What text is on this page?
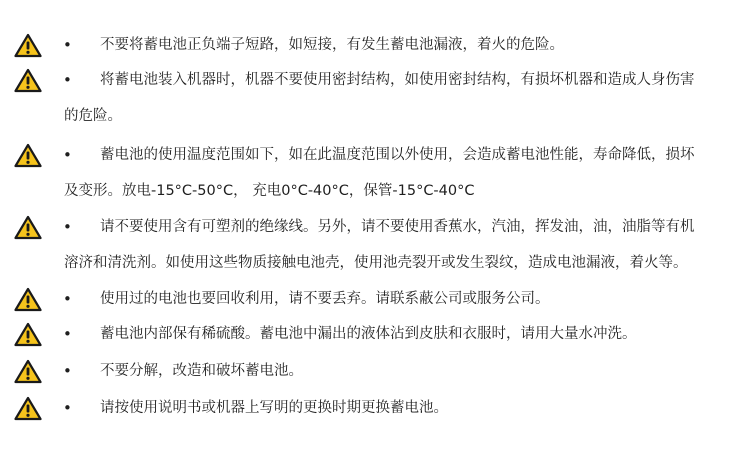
• 不要将蓄电池正负端子短路，如短接，有发生蓄电池漏液，着火的危险。
• 将蓄电池装入机器时，机器不要使用密封结构，如使用密封结构，有损坏机器和造成人身伤害
的危险。
• 蓄电池的使用温度范围如下，如在此温度范围以外使用，会造成蓄电池性能，寿命降低，损坏
及变形。放电-15°C-50°C， 充电0°C-40°C，保管-15°C-40°C
• 请不要使用含有可塑剂的绝缘线。另外，请不要使用香蕉水，汽油，挥发油，油，油脂等有机
溶济和清洗剂。如使用这些物质接触电池壳，使用池壳裂开或发生裂纹，造成电池漏液，着火等。
• 使用过的电池也要回收利用，请不要丢弃。请联系蔽公司或服务公司。
• 蓄电池内部保有稀硫酸。蓄电池中漏出的液体沾到皮肤和衣服时，请用大量水冲洗。
• 不要分解，改造和破坏蓄电池。
• 请按使用说明书或机器上写明的更换时期更换蓄电池。
